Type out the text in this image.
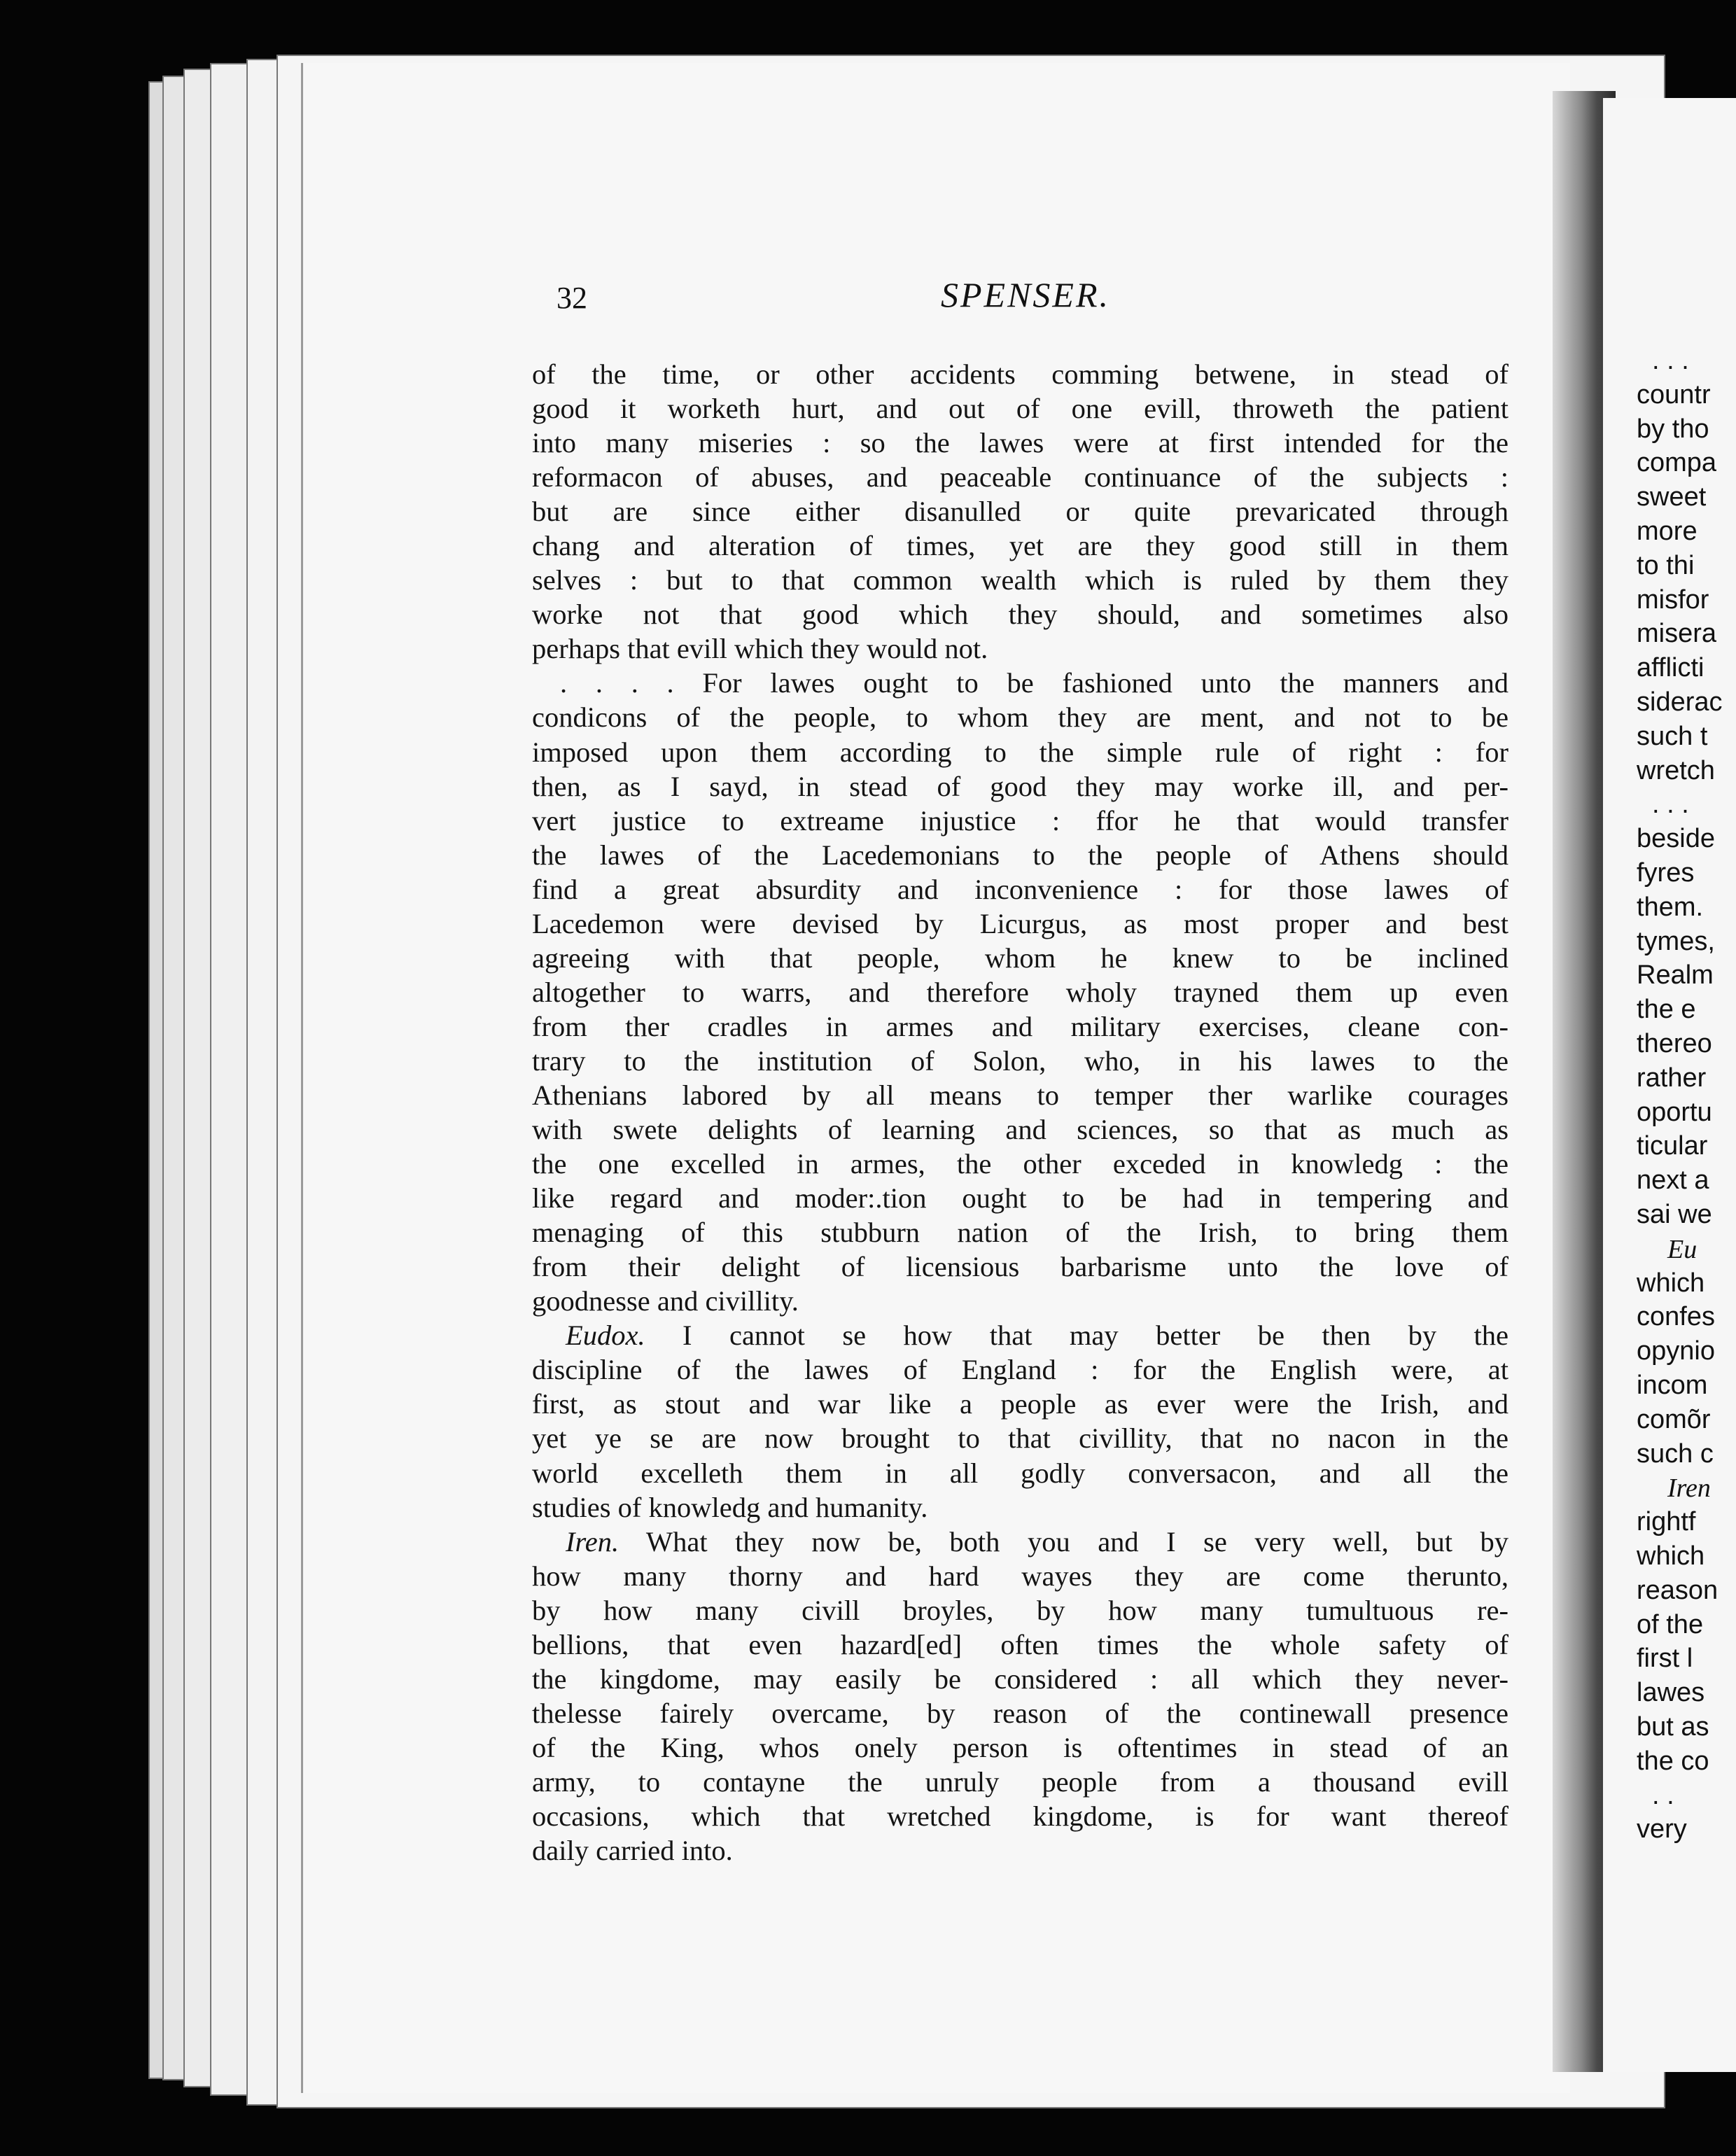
. . .
countr
by tho
compa
sweet
more
to thi
misfor
misera
afflicti
siderac
such t
wretch
. . .
beside
fyres
them.
tymes,
Realm
the e
thereo
rather
oportu
ticular
next a
sai we
Eu
which
confes
opynio
incom
comõr
such c
Iren
rightf
which
reason
of the
first l
lawes
but as
the co
. .
very
32	SPENSER.
of the time, or other accidents comming betwene, in stead of
good it worketh hurt, and out of one evill, throweth the patient
into many miseries : so the lawes were at first intended for the
reformacon of abuses, and peaceable continuance of the subjects :
but are since either disanulled or quite prevaricated through
chang and alteration of times, yet are they good still in them
selves : but to that common wealth which is ruled by them they
worke not that good which they should, and sometimes also
perhaps that evill which they would not.
. . . . For lawes ought to be fashioned unto the manners and
condicons of the people, to whom they are ment, and not to be
imposed upon them according to the simple rule of right : for
then, as I sayd, in stead of good they may worke ill, and per-
vert justice to extreame injustice : ffor he that would transfer
the lawes of the Lacedemonians to the people of Athens should
find a great absurdity and inconvenience : for those lawes of
Lacedemon were devised by Licurgus, as most proper and best
agreeing with that people, whom he knew to be inclined
altogether to warrs, and therefore wholy trayned them up even
from ther cradles in armes and military exercises, cleane con-
trary to the institution of Solon, who, in his lawes to the
Athenians labored by all means to temper ther warlike courages
with swete delights of learning and sciences, so that as much as
the one excelled in armes, the other exceded in knowledg : the
like regard and moder:.tion ought to be had in tempering and
menaging of this stubburn nation of the Irish, to bring them
from their delight of licensious barbarisme unto the love of
goodnesse and civillity.
Eudox. I cannot se how that may better be then by the
discipline of the lawes of England : for the English were, at
first, as stout and war like a people as ever were the Irish, and
yet ye se are now brought to that civillity, that no nacon in the
world excelleth them in all godly conversacon, and all the
studies of knowledg and humanity.
Iren. What they now be, both you and I se very well, but by
how many thorny and hard wayes they are come therunto,
by how many civill broyles, by how many tumultuous re-
bellions, that even hazard[ed] often times the whole safety of
the kingdome, may easily be considered : all which they never-
thelesse fairely overcame, by reason of the continewall presence
of the King, whos onely person is oftentimes in stead of an
army, to contayne the unruly people from a thousand evill
occasions, which that wretched kingdome, is for want thereof
daily carried into.
